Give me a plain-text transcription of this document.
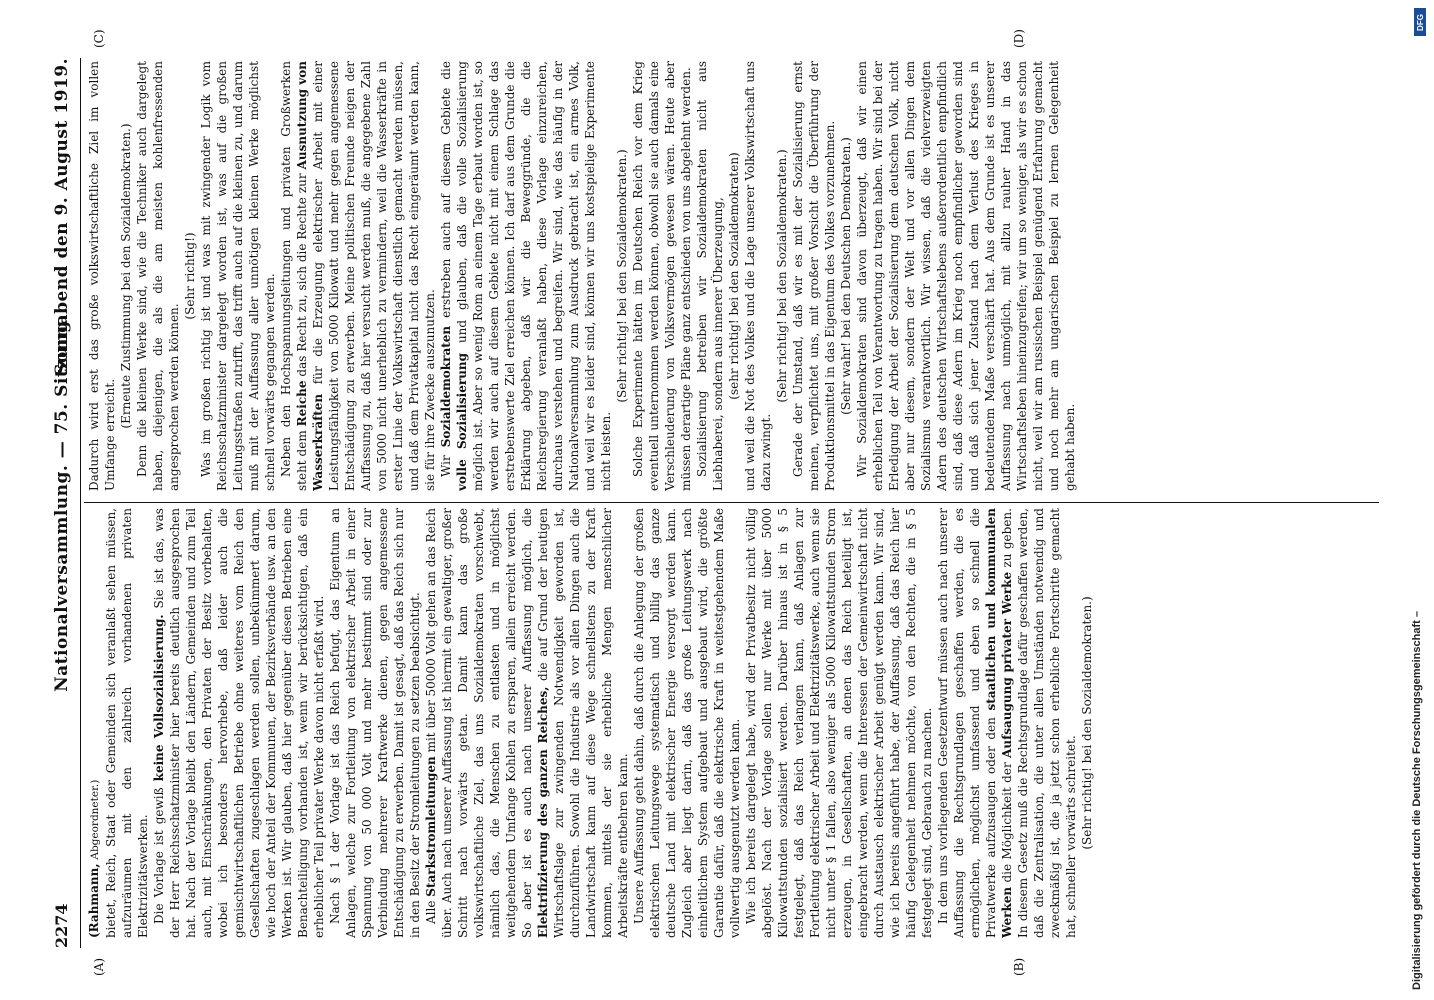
2274
Nationalversammlung. — 75. Sitzung.
Sonnabend den 9. August 1919.
(A)	(B)
(C)	(D)

(Rahmann, Abgeordneter.) bietet, Reich, Staat oder Gemeinden sich veranlaßt sehen müssen, aufzuräumen mit den zahlreich vorhandenen privaten Elektrizitätswerken. Die Vorlage ist gewiß keine Vollsozialisierung. Sie ist das, was der Herr Reichsschatzminister hier bereits deutlich ausgesprochen hat. Nach der Vorlage bleibt den Ländern, Gemeinden und zum Teil auch, mit Einschränkungen, den Privaten der Besitz vorbehalten, wobei ich besonders hervorhebe, daß leider auch die gemischtwirtschaftlichen Betriebe ohne weiteres vom Reich den Gesellschaften zugeschlagen werden sollen, unbekümmert darum, wie hoch der Anteil der Kommunen, der Bezirksverbände usw. an den Werken ist. Wir glauben, daß hier gegenüber diesen Betrieben eine Benachteiligung vorhanden ist, wenn wir berücksichtigen, daß ein erheblicher Teil privater Werke davon nicht erfaßt wird. Nach § 1 der Vorlage ist das Reich befugt, das Eigentum an Anlagen, welche zur Fortleitung von elektrischer Arbeit in einer Spannung von 50 000 Volt und mehr bestimmt sind oder zur Verbindung mehrerer Kraftwerke dienen, gegen angemessene Entschädigung zu erwerben. Damit ist gesagt, daß das Reich sich nur in den Besitz der Stromleitungen zu setzen beabsichtigt. Alle Starkstromleitungen mit über 50000 Volt gehen an das Reich über. Auch nach unserer Auffassung ist hiermit ein gewaltiger, großer Schritt nach vorwärts getan. Damit kann das große volkswirtschaftliche Ziel, das uns Sozialdemokraten vorschwebt, nämlich das, die Menschen zu entlasten und in möglichst weitgehendem Umfange Kohlen zu ersparen, allein erreicht werden. So aber ist es auch nach unserer Auffassung möglich, die Elektrifizierung des ganzen Reiches, die auf Grund der heutigen Wirtschaftslage zur zwingenden Notwendigkeit geworden ist, durchzuführen. Sowohl die Industrie als vor allen Dingen auch die Landwirtschaft kann auf diese Wege schnellstens zu der Kraft kommen, mittels der sie erhebliche Mengen menschlicher Arbeitskräfte entbehren kann. Unsere Auffassung geht dahin, daß durch die Anlegung der großen elektrischen Leitungswege systematisch und billig das ganze deutsche Land mit elektrischer Energie versorgt werden kann. Zugleich aber liegt darin, daß das große Leitungswerk nach einheitlichem System aufgebaut und ausgebaut wird, die größte Garantie dafür, daß die elektrische Kraft in weitestgehendem Maße vollwertig ausgenutzt werden kann. Wie ich bereits dargelegt habe, wird der Privatbesitz nicht völlig abgelöst. Nach der Vorlage sollen nur Werke mit über 5000 Kilowattstunden sozialisiert werden. Darüber hinaus ist in § 5 festgelegt, daß das Reich verlangen kann, daß Anlagen zur Fortleitung elektrischer Arbeit und Elektrizitätswerke, auch wenn sie nicht unter § 1 fallen, also weniger als 5000 Kilowattstunden Strom erzeugen, in Gesellschaften, an denen das Reich beteiligt ist, eingebracht werden, wenn die Interessen der Gemeinwirtschaft nicht durch Austausch elektrischer Arbeit genügt werden kann. Wir sind, wie ich bereits angeführt habe, der Auffassung, daß das Reich hier häufig Gelegenheit nehmen möchte, von den Rechten, die in § 5 festgelegt sind, Gebrauch zu machen. In dem uns vorliegenden Gesetzentwurf müssen auch nach unserer Auffassung die Rechtsgrundlagen geschaffen werden, die es ermöglichen, möglichst umfassend und eben so schnell die Privatwerke aufzusaugen oder den staatlichen und kommunalen Werken die Möglichkeit der Aufsaugung privater Werke zu geben. In diesem Gesetz muß die Rechtsgrundlage dafür geschaffen werden, daß die Zentralisation, die unter allen Umständen notwendig und zweckmäßig ist, die ja jetzt schon erhebliche Fortschritte gemacht hat, schneller vorwärts schreitet. (Sehr richtig! bei den Sozialdemokraten.)

Dadurch wird erst das große volkswirtschaftliche Ziel im vollen Umfange erreicht.

(Erneute Zustimmung bei den Sozialdemokraten.) Denn die kleinen Werke sind, wie die Techniker auch dargelegt haben, diejenigen, die als die am meisten kohlenfressenden angesprochen werden können.

(Sehr richtig!) Was im großen richtig ist und was mit zwingender Logik vom Reichsschatzminister dargelegt worden ist, was auf die großen Leitungsstraßen zutrifft, das trifft auch auf die kleinen zu, und darum muß mit der Auffassung aller unnötigen kleinen Werke möglichst schnell vorwärts gegangen werden. Neben den Hochspannungsleitungen und privaten Großwerken steht dem Reiche das Recht zu, sich die Rechte zur Ausnutzung von Wasserkräften für die Erzeugung elektrischer Arbeit mit einer Leistungsfähigkeit von 5000 Kilowatt und mehr gegen angemessene Entschädigung zu erwerben. Meine politischen Freunde neigen der Auffassung zu, daß hier versucht werden muß, die angegebene Zahl von 5000 nicht unerheblich zu vermindern, weil die Wasserkräfte in erster Linie der Volkswirtschaft dienstlich gemacht werden müssen, und daß dem Privatkapital nicht das Recht eingeräumt werden kann, sie für ihre Zwecke auszunutzen. Wir Sozialdemokraten erstreben auch auf diesem Gebiete die volle Sozialisierung und glauben, daß die volle Sozialisierung möglich ist. Aber so wenig Rom an einem Tage erbaut worden ist, so werden wir auch auf diesem Gebiete nicht mit einem Schlage das erstrebenswerte Ziel erreichen können. Ich darf aus dem Grunde die Erklärung abgeben, daß wir die Beweggründe, die die Reichsregierung veranlaßt haben, diese Vorlage einzureichen, durchaus verstehen und begreifen. Wir sind, wie das häufig in der Nationalversammlung zum Ausdruck gebracht ist, ein armes Volk, und weil wir es leider sind, können wir uns kostspielige Experimente nicht leisten.

(Sehr richtig! bei den Sozialdemokraten.) Solche Experimente hätten im Deutschen Reich vor dem Krieg eventuell unternommen werden können, obwohl sie auch damals eine Verschleuderung von Volksvermögen gewesen wären. Heute aber müssen derartige Pläne ganz entschieden von uns abgelehnt werden. Sozialisierung betreiben wir Sozialdemokraten nicht aus Liebhaberei, sondern aus innerer Überzeugung, (sehr richtig! bei den Sozialdemokraten) und weil die Not des Volkes und die Lage unserer Volkswirtschaft uns dazu zwingt.

(Sehr richtig! bei den Sozialdemokraten.) Gerade der Umstand, daß wir es mit der Sozialisierung ernst meinen, verpflichtet uns, mit großer Vorsicht die Überführung der Produktionsmittel in das Eigentum des Volkes vorzunehmen. (Sehr wahr! bei den Deutschen Demokraten.) Wir Sozialdemokraten sind davon überzeugt, daß wir einen erheblichen Teil von Verantwortung zu tragen haben. Wir sind bei der Erledigung der Arbeit der Sozialisierung dem deutschen Volk, nicht aber nur diesem, sondern der Welt und vor allen Dingen dem Sozialismus verantwortlich. Wir wissen, daß die vielverzweigten Adern des deutschen Wirtschaftslebens außerordentlich empfindlich sind, daß diese Adern im Krieg noch empfindlicher geworden sind und daß sich jener Zustand nach dem Verlust des Krieges in bedeutendem Maße verschärft hat. Aus dem Grunde ist es unserer Auffassung nach unmöglich, mit allzu rauher Hand in das Wirtschaftsleben hineinzugreifen; wir um so weniger, als wir es schon nicht, weil wir am russischen Beispiel genügend Erfahrung gemacht und noch mehr am ungarischen Beispiel zu lernen Gelegenheit gehabt haben.

Digitalisierung gefördert durch die Deutsche Forschungsgemeinschaft –
DFG
